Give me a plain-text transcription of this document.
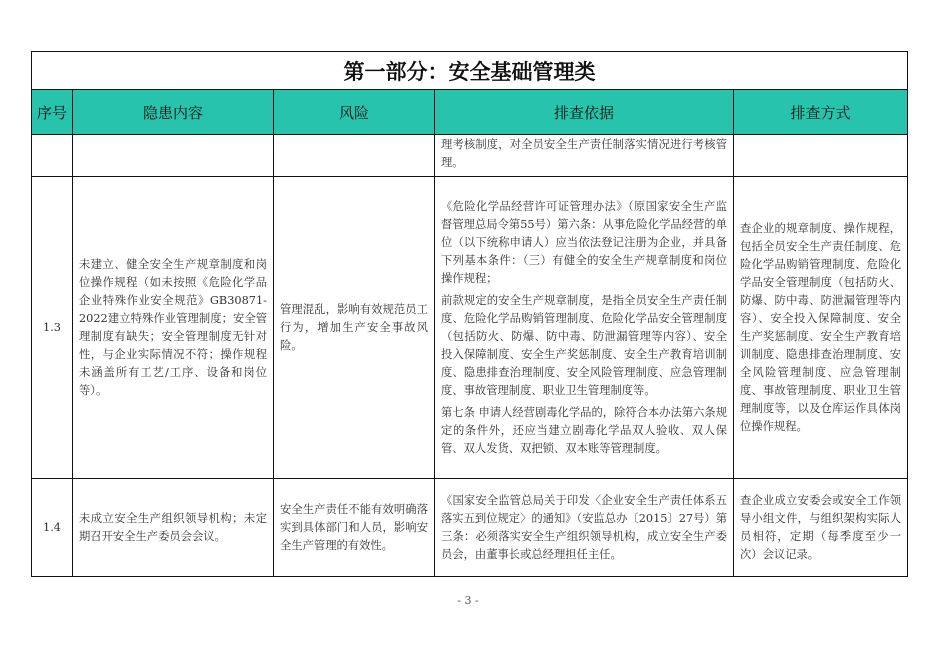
第一部分：安全基础管理类				
序号	隐患内容	风险	排查依据	排查方式
			理考核制度，对全员安全生产责任制落实情况进行考核管理。	
1.3	未建立、健全安全生产规章制度和岗位操作规程（如未按照《危险化学品企业特殊作业安全规范》GB30871-2022建立特殊作业管理制度；安全管理制度有缺失；安全管理制度无针对性，与企业实际情况不符；操作规程未涵盖所有工艺/工序、设备和岗位等）。	管理混乱，影响有效规范员工行为，增加生产安全事故风险。	《危险化学品经营许可证管理办法》（原国家安全生产监督管理总局令第55号）第六条：从事危险化学品经营的单位（以下统称申请人）应当依法登记注册为企业，并具备下列基本条件：（三）有健全的安全生产规章制度和岗位操作规程；

前款规定的安全生产规章制度，是指全员安全生产责任制度、危险化学品购销管理制度、危险化学品安全管理制度（包括防火、防爆、防中毒、防泄漏管理等内容）、安全投入保障制度、安全生产奖惩制度、安全生产教育培训制度、隐患排查治理制度、安全风险管理制度、应急管理制度、事故管理制度、职业卫生管理制度等。

第七条 申请人经营剧毒化学品的，除符合本办法第六条规定的条件外，还应当建立剧毒化学品双人验收、双人保管、双人发货、双把锁、双本账等管理制度。	查企业的规章制度、操作规程，包括全员安全生产责任制度、危险化学品购销管理制度、危险化学品安全管理制度（包括防火、防爆、防中毒、防泄漏管理等内容）、安全投入保障制度、安全生产奖惩制度、安全生产教育培训制度、隐患排查治理制度、安全风险管理制度、应急管理制度、事故管理制度、职业卫生管理制度等，以及仓库运作具体岗位操作规程。
1.4	未成立安全生产组织领导机构；未定期召开安全生产委员会会议。	安全生产责任不能有效明确落实到具体部门和人员，影响安全生产管理的有效性。	《国家安全监管总局关于印发〈企业安全生产责任体系五落实五到位规定〉的通知》（安监总办〔2015〕27号）第三条：必须落实安全生产组织领导机构，成立安全生产委员会，由董事长或总经理担任主任。	查企业成立安委会或安全工作领导小组文件，与组织架构实际人员相符，定期（每季度至少一次）会议记录。
- 3 -
